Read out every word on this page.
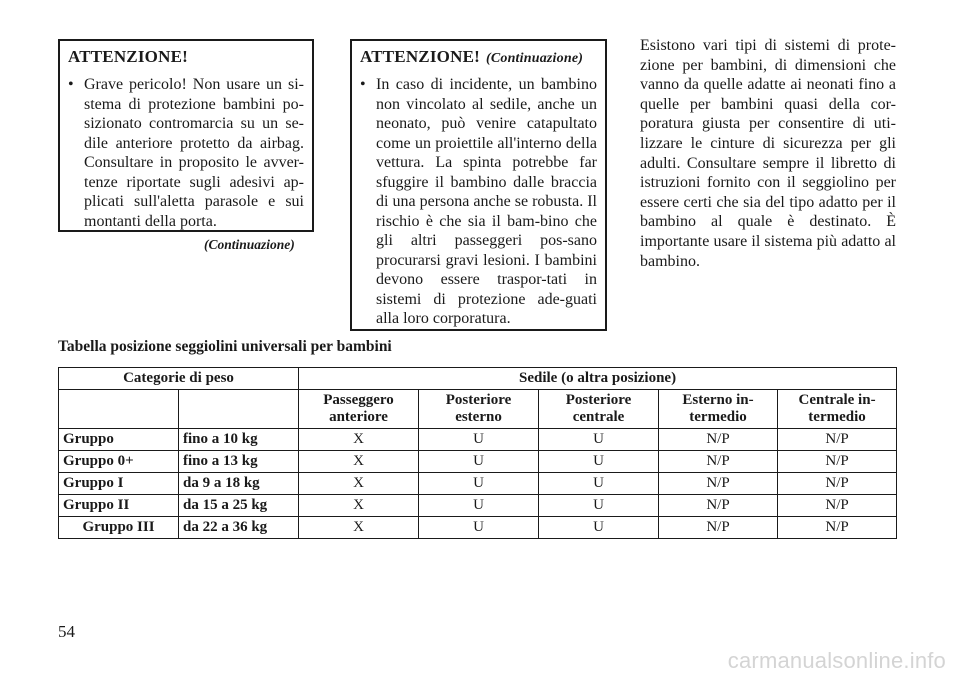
ATTENZIONE!
• Grave pericolo! Non usare un si-stema di protezione bambini po-sizionato contromarcia su un se-dile anteriore protetto da airbag. Consultare in proposito le avver-tenze riportate sugli adesivi ap-plicati sull'aletta parasole e sui montanti della porta.
(Continuazione)
ATTENZIONE! (Continuazione)
• In caso di incidente, un bambino non vincolato al sedile, anche un neonato, può venire catapultato come un proiettile all'interno della vettura. La spinta potrebbe far sfuggire il bambino dalle braccia di una persona anche se robusta. Il rischio è che sia il bam-bino che gli altri passeggeri pos-sano procurarsi gravi lesioni. I bambini devono essere traspor-tati in sistemi di protezione ade-guati alla loro corporatura.
Esistono vari tipi di sistemi di prote-zione per bambini, di dimensioni che vanno da quelle adatte ai neonati fino a quelle per bambini quasi della cor-poratura giusta per consentire di uti-lizzare le cinture di sicurezza per gli adulti. Consultare sempre il libretto di istruzioni fornito con il seggiolino per essere certi che sia del tipo adatto per il bambino al quale è destinato. È importante usare il sistema più adatto al bambino.
Tabella posizione seggiolini universali per bambini
Categorie di peso		Sedile (o altra posizione)				
		Passeggero anteriore	Posteriore esterno	Posteriore centrale	Esterno in-termedio	Centrale in-termedio
Gruppo	fino a 10 kg	X	U	U	N/P	N/P
Gruppo 0+	fino a 13 kg	X	U	U	N/P	N/P
Gruppo I	da 9 a 18 kg	X	U	U	N/P	N/P
Gruppo II	da 15 a 25 kg	X	U	U	N/P	N/P
Gruppo III	da 22 a 36 kg	X	U	U	N/P	N/P
54
carmanualsonline.info
